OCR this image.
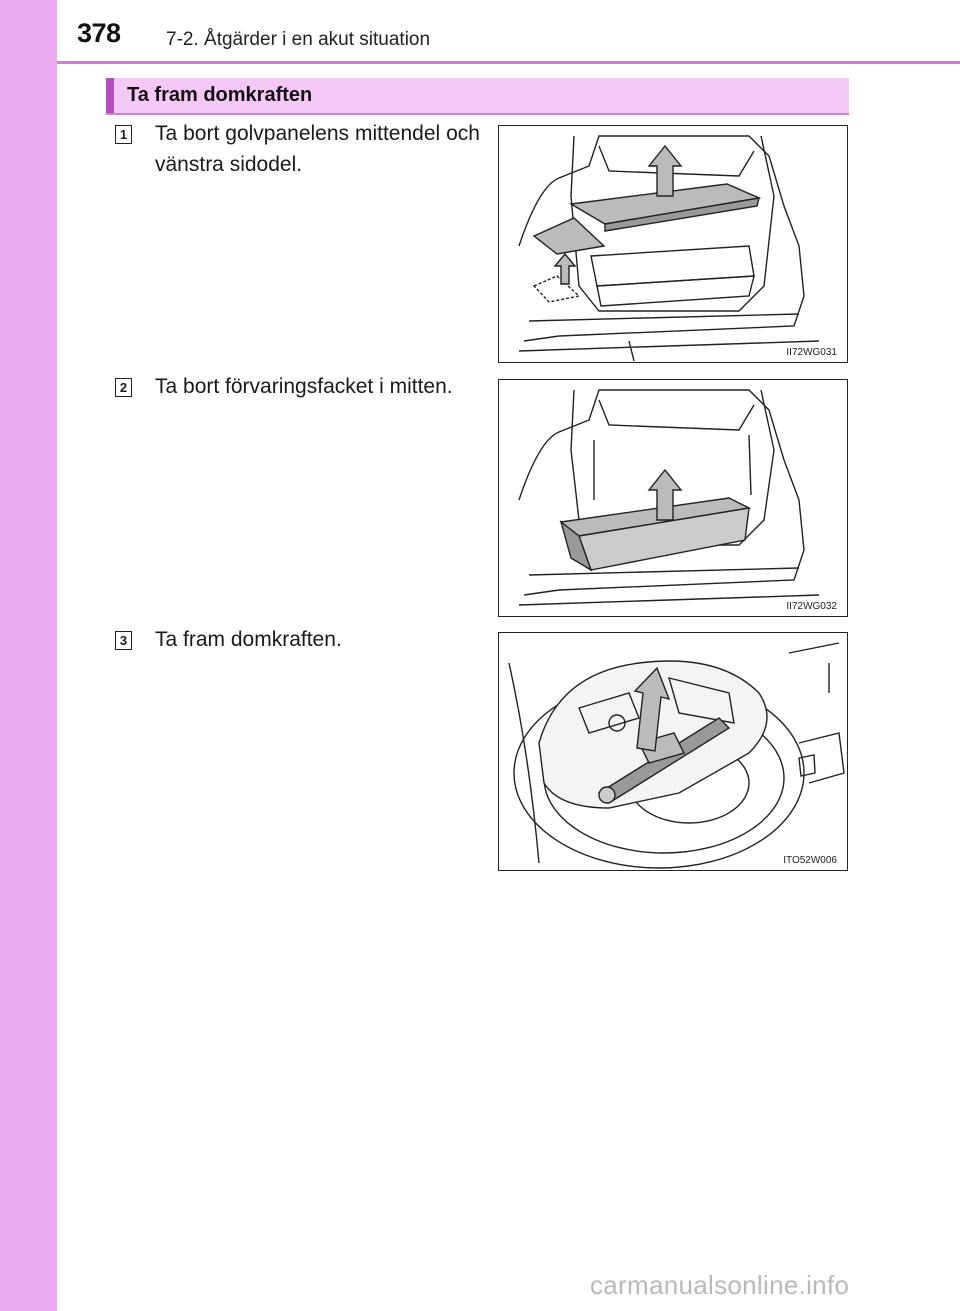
378 7-2. Åtgärder i en akut situation
Ta fram domkraften
1 Ta bort golvpanelens mittendel och vänstra sidodel.
II72WG031
2 Ta bort förvaringsfacket i mitten.
II72WG032
3 Ta fram domkraften.
ITO52W006
carmanualsonline.info
